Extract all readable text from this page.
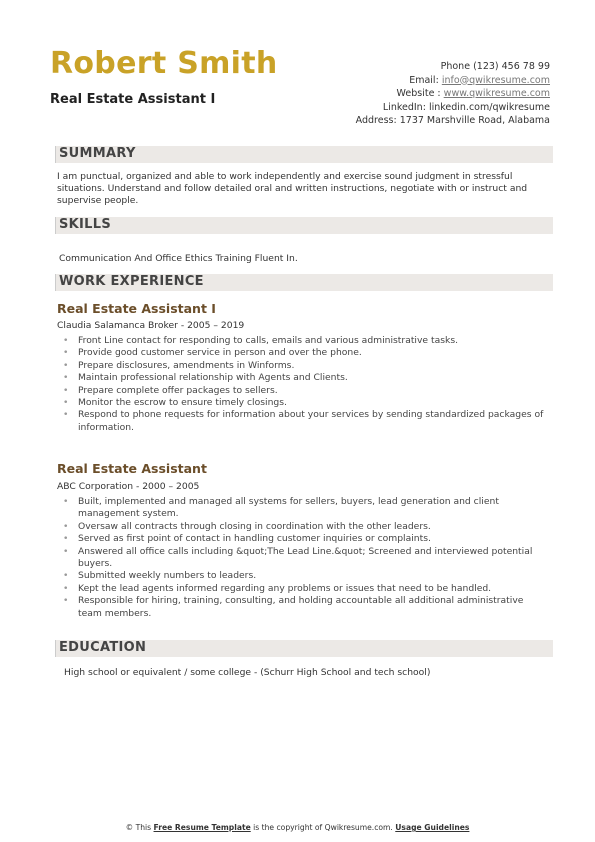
Robert Smith
Real Estate Assistant I
Phone (123) 456 78 99
Email: info@qwikresume.com
Website : www.qwikresume.com
LinkedIn: linkedin.com/qwikresume
Address: 1737 Marshville Road, Alabama
SUMMARY
I am punctual, organized and able to work independently and exercise sound judgment in stressful situations. Understand and follow detailed oral and written instructions, negotiate with or instruct and supervise people.
SKILLS
Communication And Office Ethics Training Fluent In.
WORK EXPERIENCE
Real Estate Assistant I
Claudia Salamanca Broker - 2005 – 2019
• Front Line contact for responding to calls, emails and various administrative tasks.
• Provide good customer service in person and over the phone.
• Prepare disclosures, amendments in Winforms.
• Maintain professional relationship with Agents and Clients.
• Prepare complete offer packages to sellers.
• Monitor the escrow to ensure timely closings.
• Respond to phone requests for information about your services by sending standardized packages of information.
Real Estate Assistant
ABC Corporation - 2000 – 2005
• Built, implemented and managed all systems for sellers, buyers, lead generation and client management system.
• Oversaw all contracts through closing in coordination with the other leaders.
• Served as first point of contact in handling customer inquiries or complaints.
• Answered all office calls including &quot;The Lead Line.&quot; Screened and interviewed potential buyers.
• Submitted weekly numbers to leaders.
• Kept the lead agents informed regarding any problems or issues that need to be handled.
• Responsible for hiring, training, consulting, and holding accountable all additional administrative team members.
EDUCATION
High school or equivalent / some college - (Schurr High School and tech school)
© This Free Resume Template is the copyright of Qwikresume.com. Usage Guidelines
